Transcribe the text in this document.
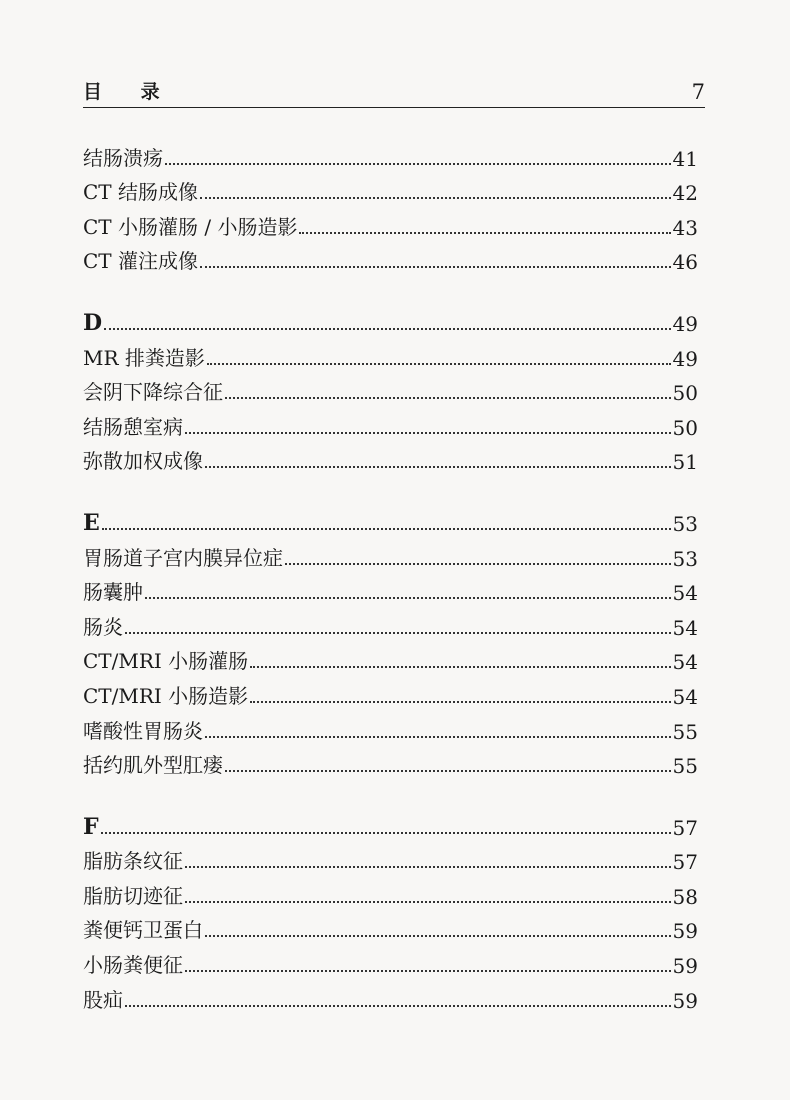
目 录	7
结肠溃疡	41
CT 结肠成像	42
CT 小肠灌肠 / 小肠造影	43
CT 灌注成像	46
D	49
MR 排粪造影	49
会阴下降综合征	50
结肠憩室病	50
弥散加权成像	51
E	53
胃肠道子宫内膜异位症	53
肠囊肿	54
肠炎	54
CT/MRI 小肠灌肠	54
CT/MRI 小肠造影	54
嗜酸性胃肠炎	55
括约肌外型肛瘘	55
F	57
脂肪条纹征	57
脂肪切迹征	58
粪便钙卫蛋白	59
小肠粪便征	59
股疝	59
